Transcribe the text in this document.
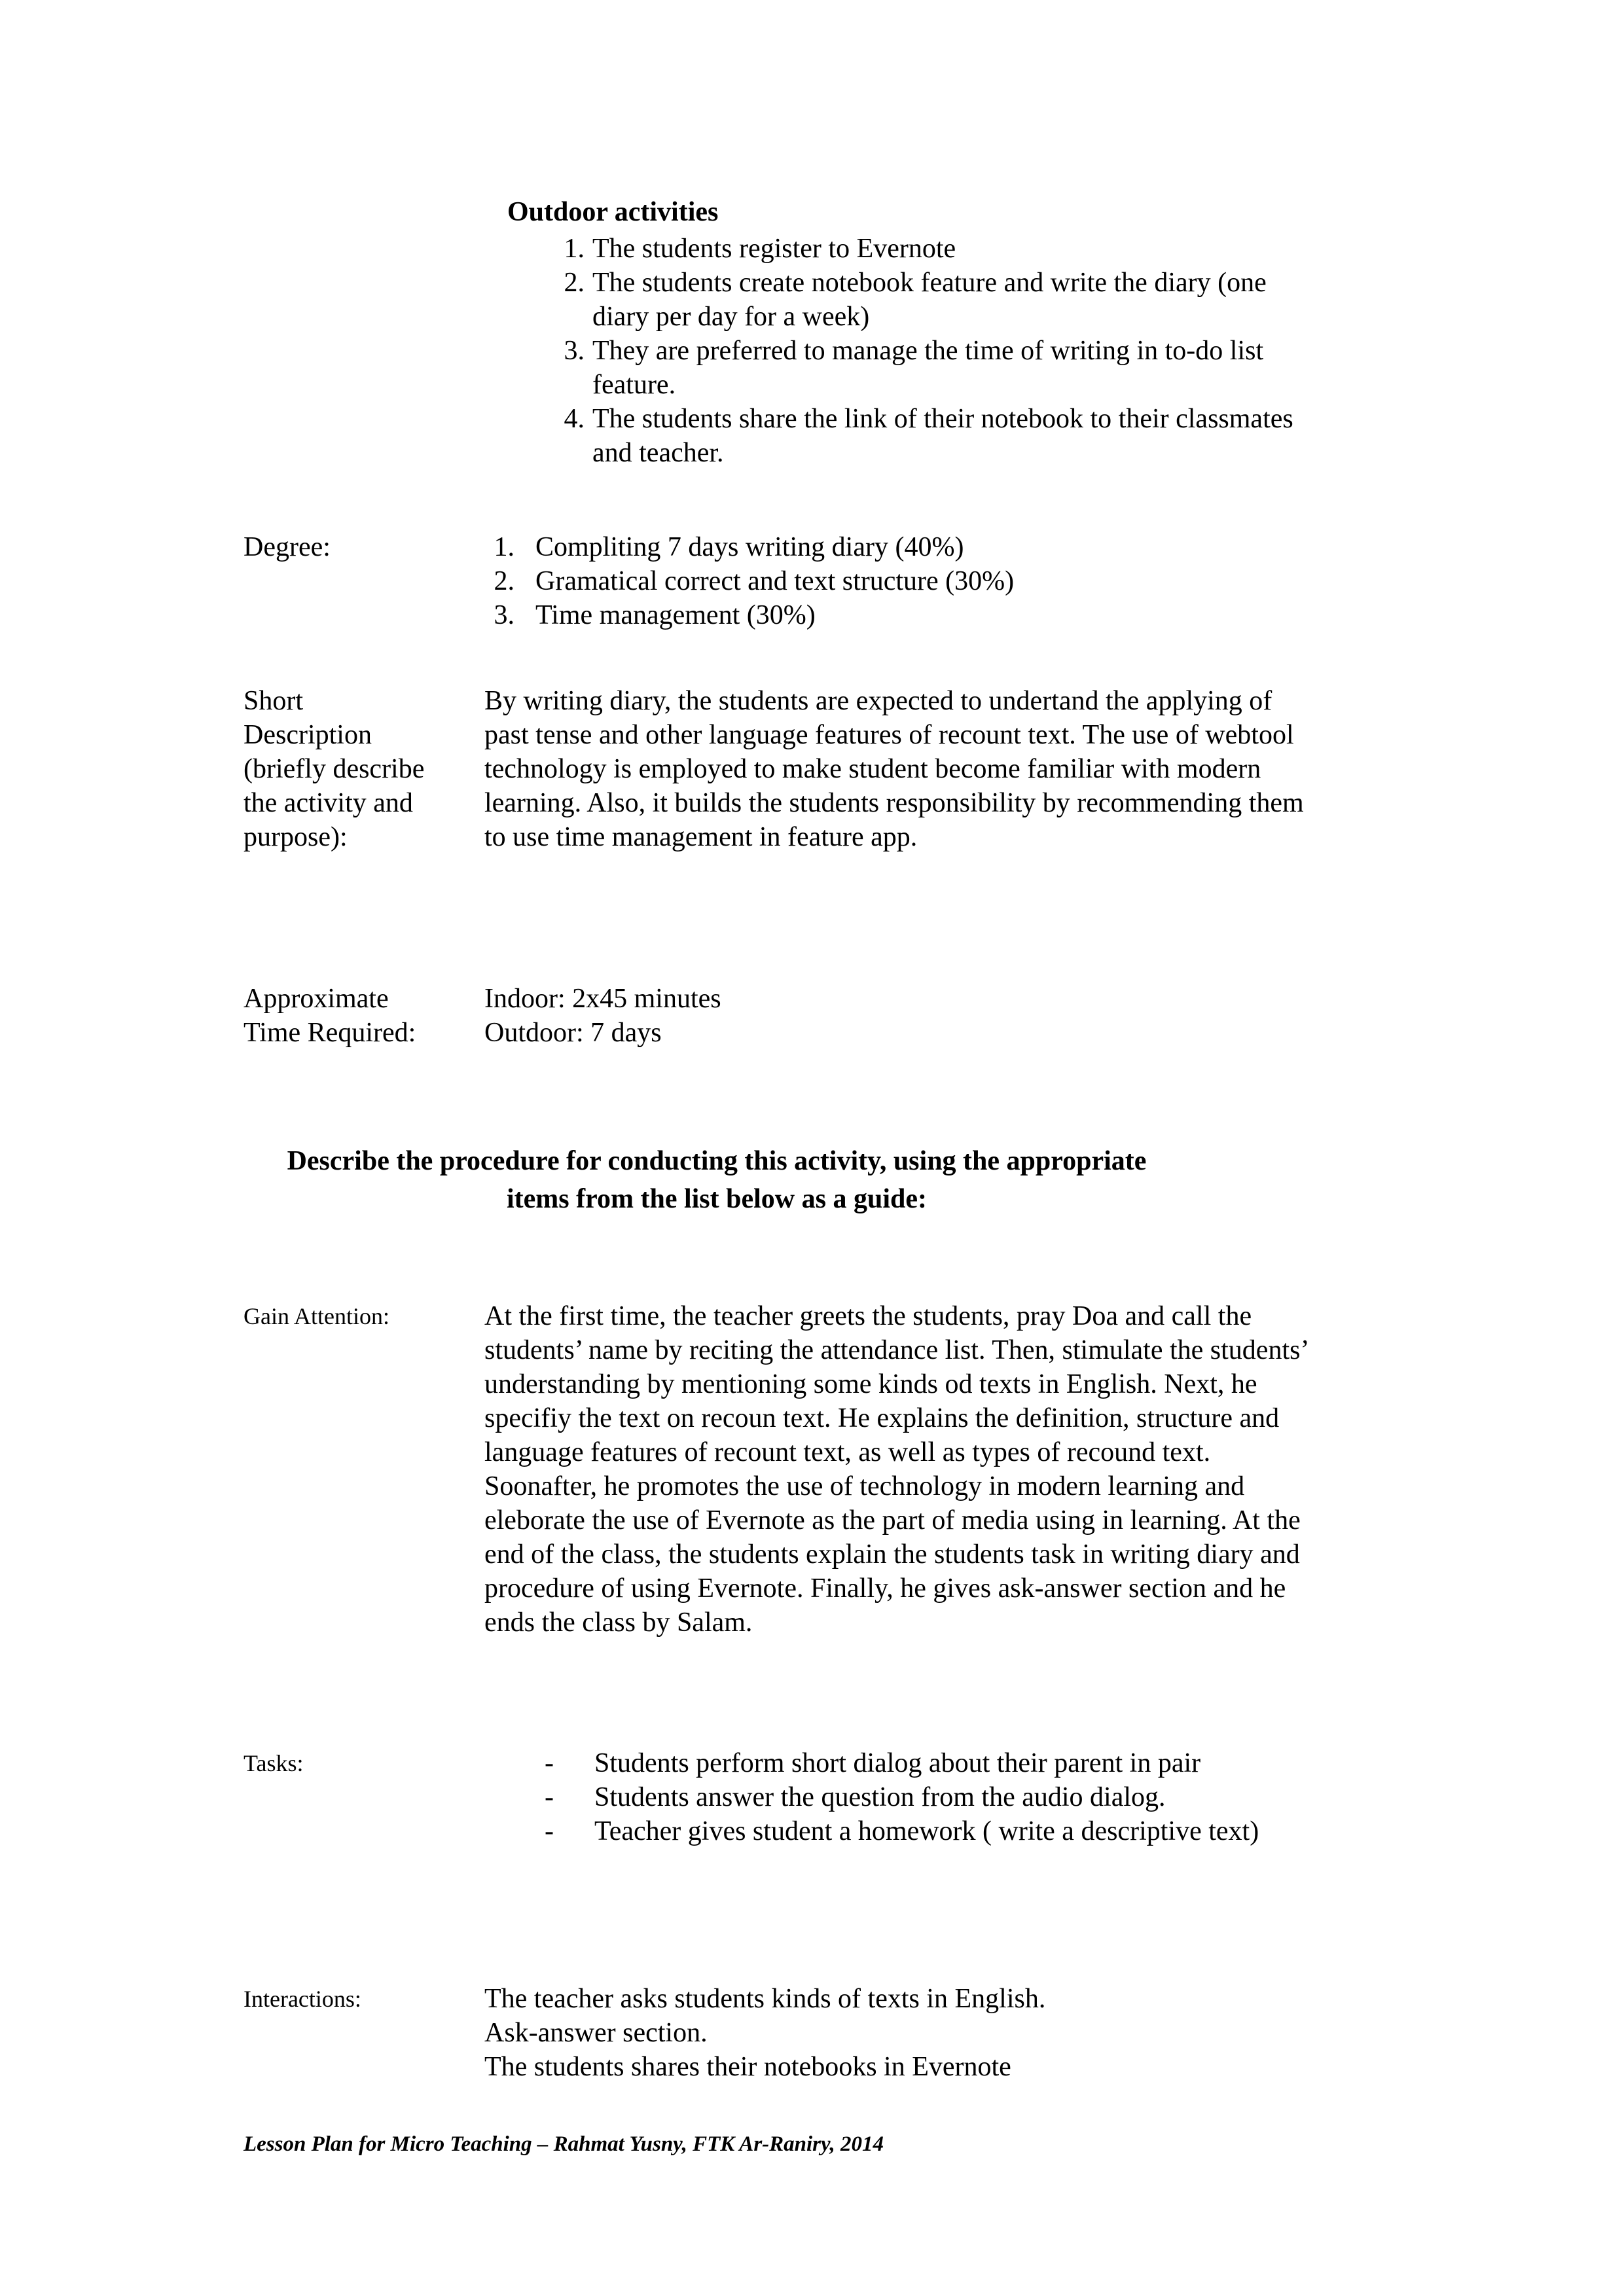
Outdoor activities
1. The students register to Evernote
2. The students create notebook feature and write the diary (one diary per day for a week)
3. They are preferred to manage the time of writing in to-do list feature.
4. The students share the link of their notebook to their classmates and teacher.
Degree:	1. Compliting 7 days writing diary (40%)
2. Gramatical correct and text structure (30%)
3. Time management (30%)
Short
Description
(briefly describe
the activity and
purpose):

By writing diary, the students are expected to undertand the applying of past tense and other language features of recount text. The use of webtool technology is employed to make student become familiar with modern learning. Also, it builds the students responsibility by recommending them to use time management in feature app.

Approximate
Time Required:
Indoor: 2x45 minutes
Outdoor: 7 days
Describe the procedure for conducting this activity, using the appropriate items from the list below as a guide:
Gain Attention:	At the first time, the teacher greets the students, pray Doa and call the students’ name by reciting the attendance list. Then, stimulate the students’ understanding by mentioning some kinds od texts in English. Next, he specifiy the text on recoun text. He explains the definition, structure and language features of recount text, as well as types of recound text. Soonafter, he promotes the use of technology in modern learning and eleborate the use of Evernote as the part of media using in learning. At the end of the class, the students explain the students task in writing diary and procedure of using Evernote. Finally, he gives ask-answer section and he ends the class by Salam.

Tasks:	- Students perform short dialog about their parent in pair
- Students answer the question from the audio dialog.
- Teacher gives student a homework ( write a descriptive text)
Interactions:	The teacher asks students kinds of texts in English.
Ask-answer section.
The students shares their notebooks in Evernote
Lesson Plan for Micro Teaching – Rahmat Yusny, FTK Ar-Raniry, 2014
